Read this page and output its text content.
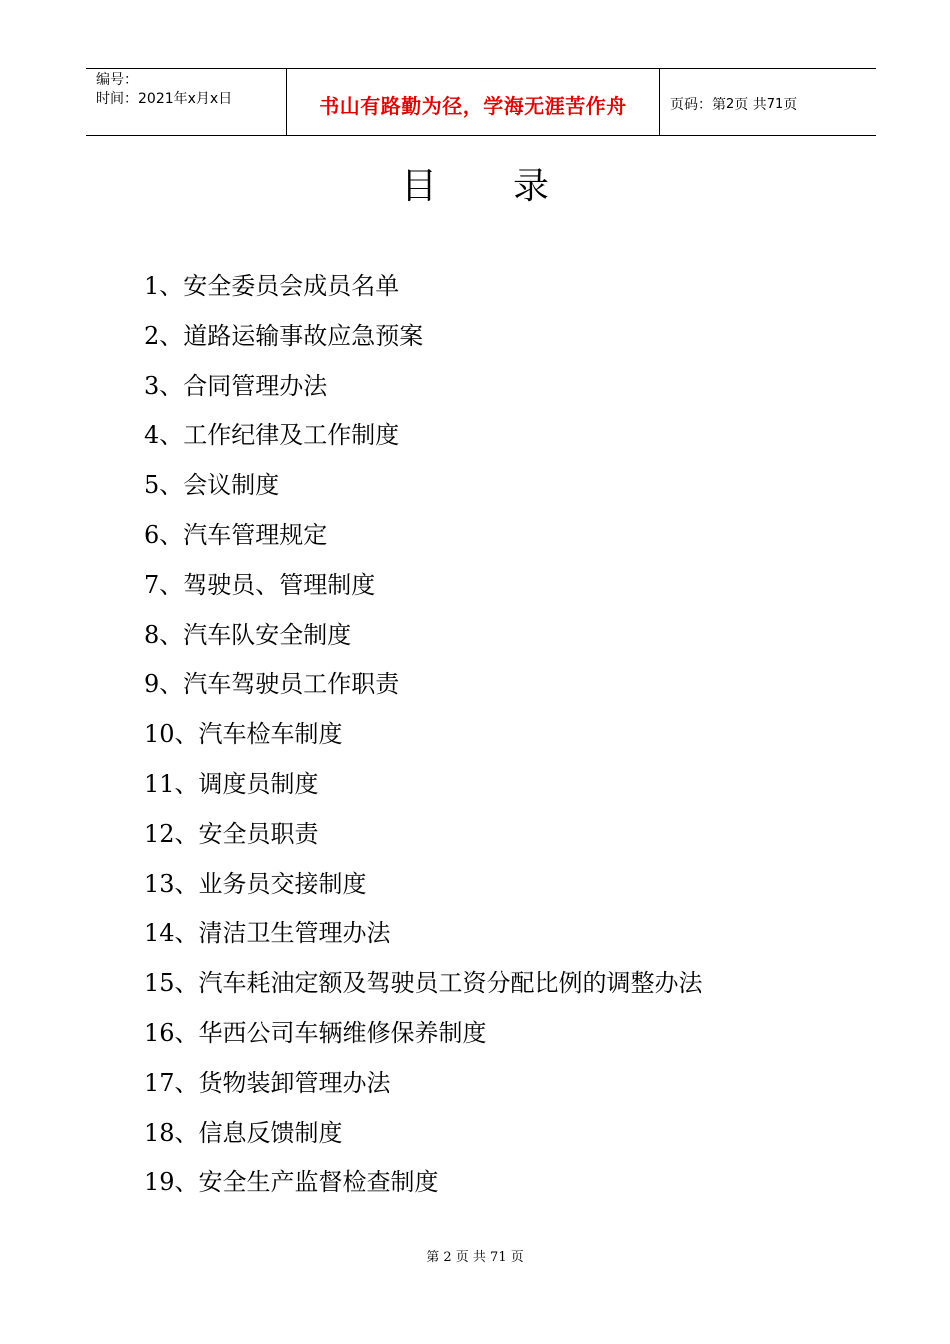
编号：
时间：2021年x月x日	书山有路勤为径，学海无涯苦作舟	页码：第 2 页 共 71 页
目 录
1、安全委员会成员名单
2、道路运输事故应急预案
3、合同管理办法
4、工作纪律及工作制度
5、会议制度
6、汽车管理规定
7、驾驶员、管理制度
8、汽车队安全制度
9、汽车驾驶员工作职责
10、汽车检车制度
11、调度员制度
12、安全员职责
13、业务员交接制度
14、清洁卫生管理办法
15、汽车耗油定额及驾驶员工资分配比例的调整办法
16、华西公司车辆维修保养制度
17、货物装卸管理办法
18、信息反馈制度
19、安全生产监督检查制度
第 2 页 共 71 页
